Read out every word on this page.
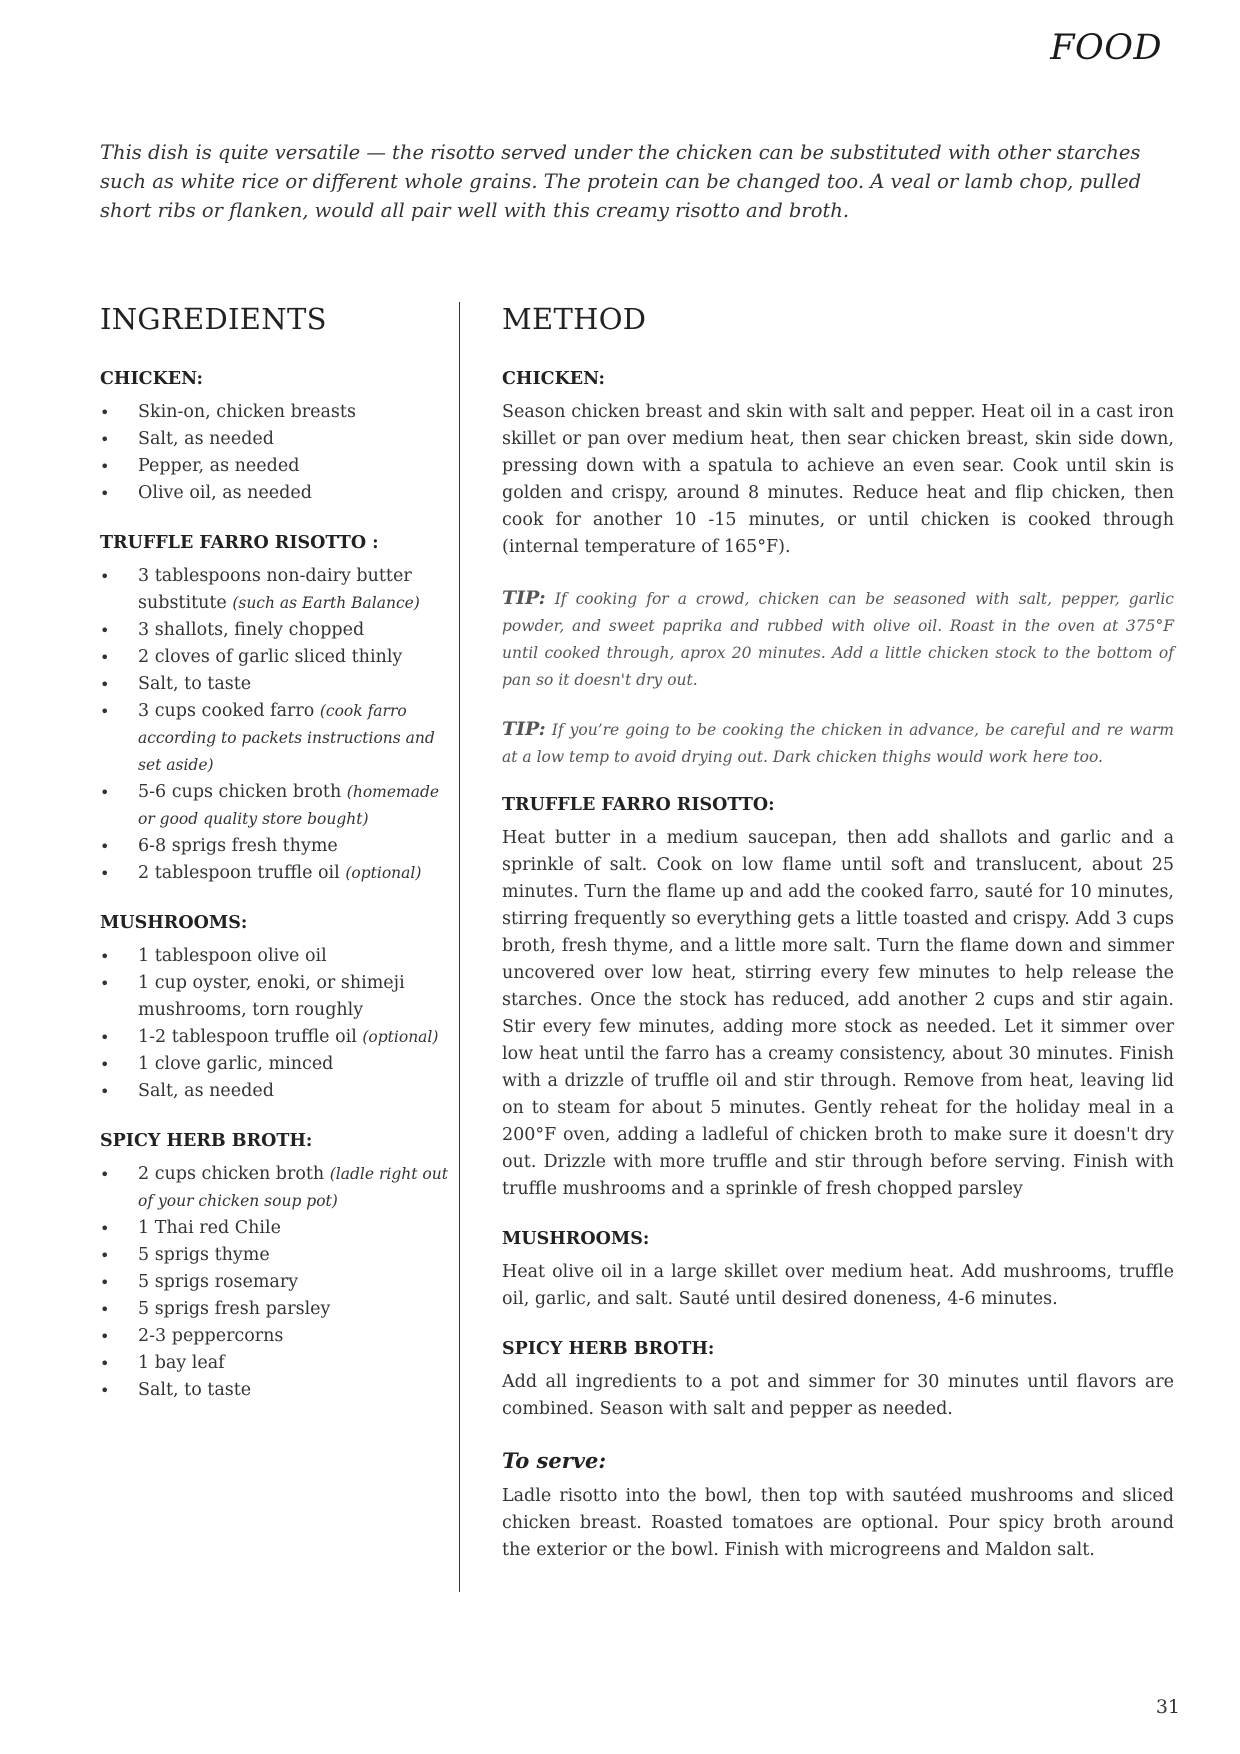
FOOD

This dish is quite versatile — the risotto served under the chicken can be substituted with other starches such as white rice or different whole grains. The protein can be changed too. A veal or lamb chop, pulled short ribs or flanken, would all pair well with this creamy risotto and broth.

INGREDIENTS
CHICKEN:
• Skin-on, chicken breasts
• Salt, as needed
• Pepper, as needed
• Olive oil, as needed
TRUFFLE FARRO RISOTTO :
• 3 tablespoons non-dairy butter substitute (such as Earth Balance)
• 3 shallots, finely chopped
• 2 cloves of garlic sliced thinly
• Salt, to taste
• 3 cups cooked farro (cook farro according to packets instructions and set aside)
• 5-6 cups chicken broth (homemade or good quality store bought)
• 6-8 sprigs fresh thyme
• 2 tablespoon truffle oil (optional)
MUSHROOMS:
• 1 tablespoon olive oil
• 1 cup oyster, enoki, or shimeji mushrooms, torn roughly
• 1-2 tablespoon truffle oil (optional)
• 1 clove garlic, minced
• Salt, as needed
SPICY HERB BROTH:
• 2 cups chicken broth (ladle right out of your chicken soup pot)
• 1 Thai red Chile
• 5 sprigs thyme
• 5 sprigs rosemary
• 5 sprigs fresh parsley
• 2-3 peppercorns
• 1 bay leaf
• Salt, to taste
METHOD
CHICKEN:

Season chicken breast and skin with salt and pepper. Heat oil in a cast iron skillet or pan over medium heat, then sear chicken breast, skin side down, pressing down with a spatula to achieve an even sear. Cook until skin is golden and crispy, around 8 minutes. Reduce heat and flip chicken, then cook for another 10 -15 minutes, or until chicken is cooked through (internal temperature of 165°F).

TIP: If cooking for a crowd, chicken can be seasoned with salt, pepper, garlic powder, and sweet paprika and rubbed with olive oil. Roast in the oven at 375°F until cooked through, aprox 20 minutes. Add a little chicken stock to the bottom of pan so it doesn't dry out.

TIP: If you’re going to be cooking the chicken in advance, be careful and re warm at a low temp to avoid drying out. Dark chicken thighs would work here too.

TRUFFLE FARRO RISOTTO:

Heat butter in a medium saucepan, then add shallots and garlic and a sprinkle of salt. Cook on low flame until soft and translucent, about 25 minutes. Turn the flame up and add the cooked farro, sauté for 10 minutes, stirring frequently so everything gets a little toasted and crispy. Add 3 cups broth, fresh thyme, and a little more salt. Turn the flame down and simmer uncovered over low heat, stirring every few minutes to help release the starches. Once the stock has reduced, add another 2 cups and stir again. Stir every few minutes, adding more stock as needed. Let it simmer over low heat until the farro has a creamy consistency, about 30 minutes. Finish with a drizzle of truffle oil and stir through. Remove from heat, leaving lid on to steam for about 5 minutes. Gently reheat for the holiday meal in a 200°F oven, adding a ladleful of chicken broth to make sure it doesn't dry out. Drizzle with more truffle and stir through before serving. Finish with truffle mushrooms and a sprinkle of fresh chopped parsley

MUSHROOMS:

Heat olive oil in a large skillet over medium heat. Add mushrooms, truffle oil, garlic, and salt. Sauté until desired doneness, 4-6 minutes.

SPICY HERB BROTH:

Add all ingredients to a pot and simmer for 30 minutes until flavors are combined. Season with salt and pepper as needed.

To serve:

Ladle risotto into the bowl, then top with sautéed mushrooms and sliced chicken breast. Roasted tomatoes are optional. Pour spicy broth around the exterior or the bowl. Finish with microgreens and Maldon salt.

31
